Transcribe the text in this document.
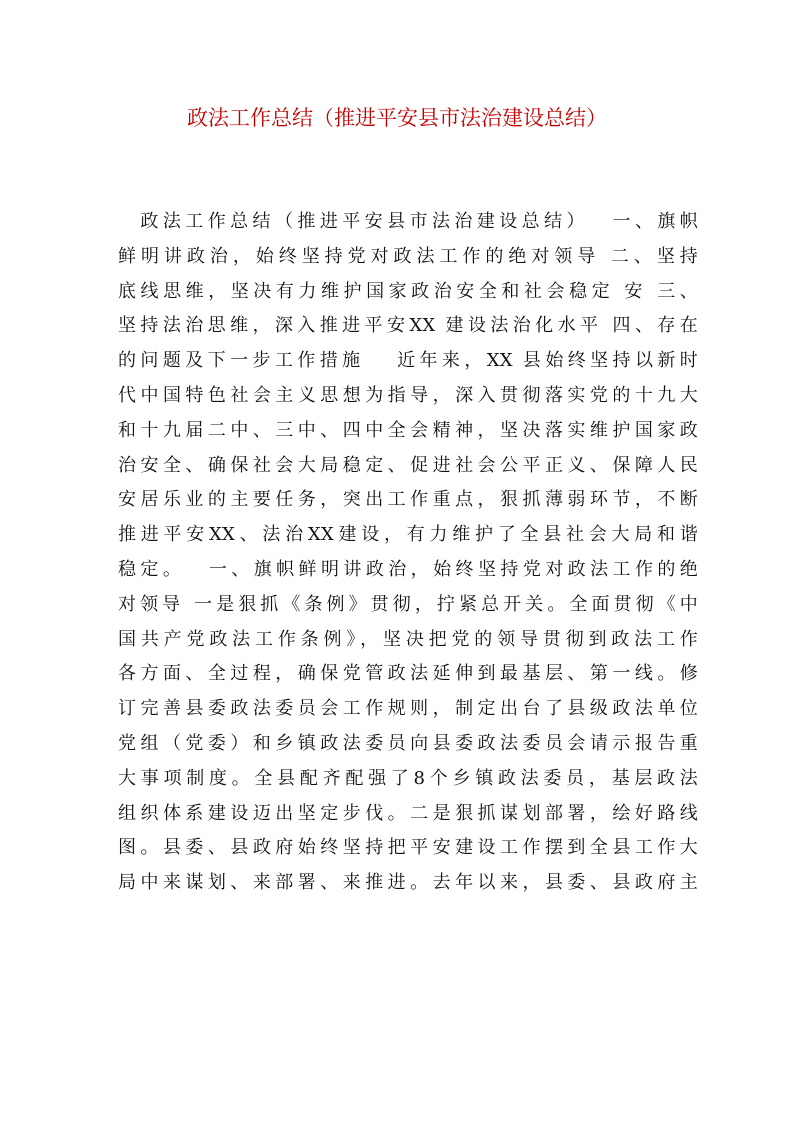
政法工作总结（推进平安县市法治建设总结）
　政法工作总结（推进平安县市法治建设总结）　 一、旗帜
鲜明讲政治，始终坚持党对政法工作的绝对领导 二、坚持
底线思维，坚决有力维护国家政治安全和社会稳定 安 三、
坚持法治思维，深入推进平安XX 建设法治化水平 四、存在
的问题及下一步工作措施　 近年来，XX 县始终坚持以新时
代中国特色社会主义思想为指导，深入贯彻落实党的十九大
和十九届二中、三中、四中全会精神，坚决落实维护国家政
治安全、确保社会大局稳定、促进社会公平正义、保障人民
安居乐业的主要任务，突出工作重点，狠抓薄弱环节，不断
推进平安XX、法治XX建设，有力维护了全县社会大局和谐
稳定。　 一、旗帜鲜明讲政治，始终坚持党对政法工作的绝
对领导 一是狠抓《条例》贯彻，拧紧总开关。全面贯彻《中
国共产党政法工作条例》，坚决把党的领导贯彻到政法工作
各方面、全过程，确保党管政法延伸到最基层、第一线。修
订完善县委政法委员会工作规则，制定出台了县级政法单位
党组（党委）和乡镇政法委员向县委政法委员会请示报告重
大事项制度。全县配齐配强了8个乡镇政法委员，基层政法
组织体系建设迈出坚定步伐。二是狠抓谋划部署，绘好路线
图。县委、县政府始终坚持把平安建设工作摆到全县工作大
局中来谋划、来部署、来推进。去年以来，县委、县政府主
